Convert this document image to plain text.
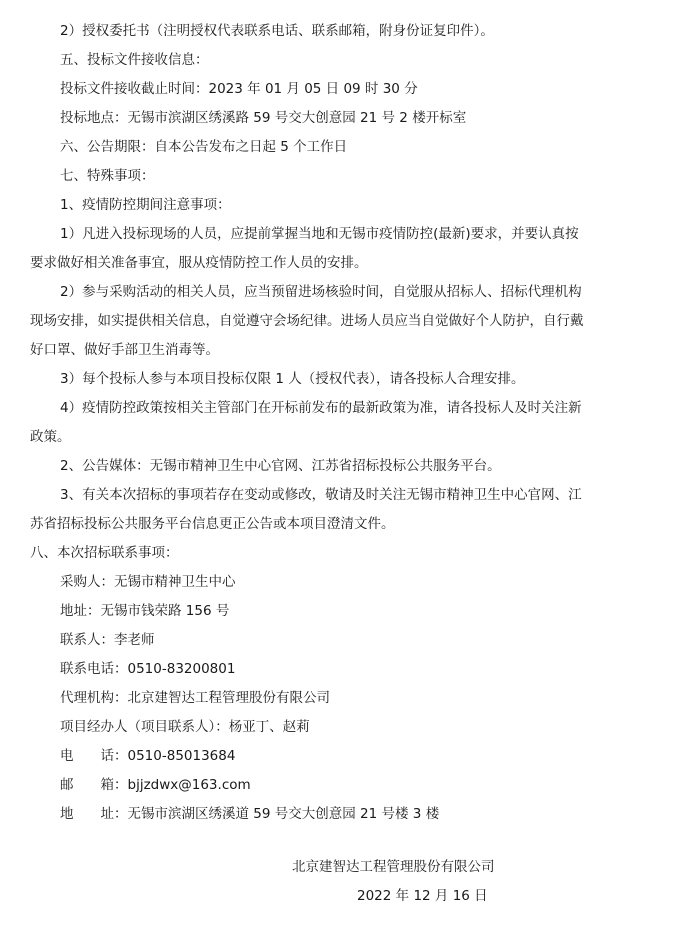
2）授权委托书（注明授权代表联系电话、联系邮箱，附身份证复印件）。
五、投标文件接收信息：
投标文件接收截止时间：2023 年 01 月 05 日 09 时 30 分
投标地点：无锡市滨湖区绣溪路 59 号交大创意园 21 号 2 楼开标室
六、公告期限：自本公告发布之日起 5 个工作日
七、特殊事项：
1、疫情防控期间注意事项：
1）凡进入投标现场的人员，应提前掌握当地和无锡市疫情防控(最新)要求，并要认真按
要求做好相关准备事宜，服从疫情防控工作人员的安排。
2）参与采购活动的相关人员，应当预留进场核验时间，自觉服从招标人、招标代理机构
现场安排，如实提供相关信息，自觉遵守会场纪律。进场人员应当自觉做好个人防护，自行戴
好口罩、做好手部卫生消毒等。
3）每个投标人参与本项目投标仅限 1 人（授权代表），请各投标人合理安排。
4）疫情防控政策按相关主管部门在开标前发布的最新政策为准，请各投标人及时关注新
政策。
2、公告媒体：无锡市精神卫生中心官网、江苏省招标投标公共服务平台。
3、有关本次招标的事项若存在变动或修改，敬请及时关注无锡市精神卫生中心官网、江
苏省招标投标公共服务平台信息更正公告或本项目澄清文件。
八、本次招标联系事项：
采购人：无锡市精神卫生中心
地址：无锡市钱荣路 156 号
联系人：李老师
联系电话：0510-83200801
代理机构：北京建智达工程管理股份有限公司
项目经办人（项目联系人）：杨亚丁、赵莉
电　　话：0510-85013684
邮　　箱：bjjzdwx@163.com
地　　址：无锡市滨湖区绣溪道 59 号交大创意园 21 号楼 3 楼
北京建智达工程管理股份有限公司
2022 年 12 月 16 日
